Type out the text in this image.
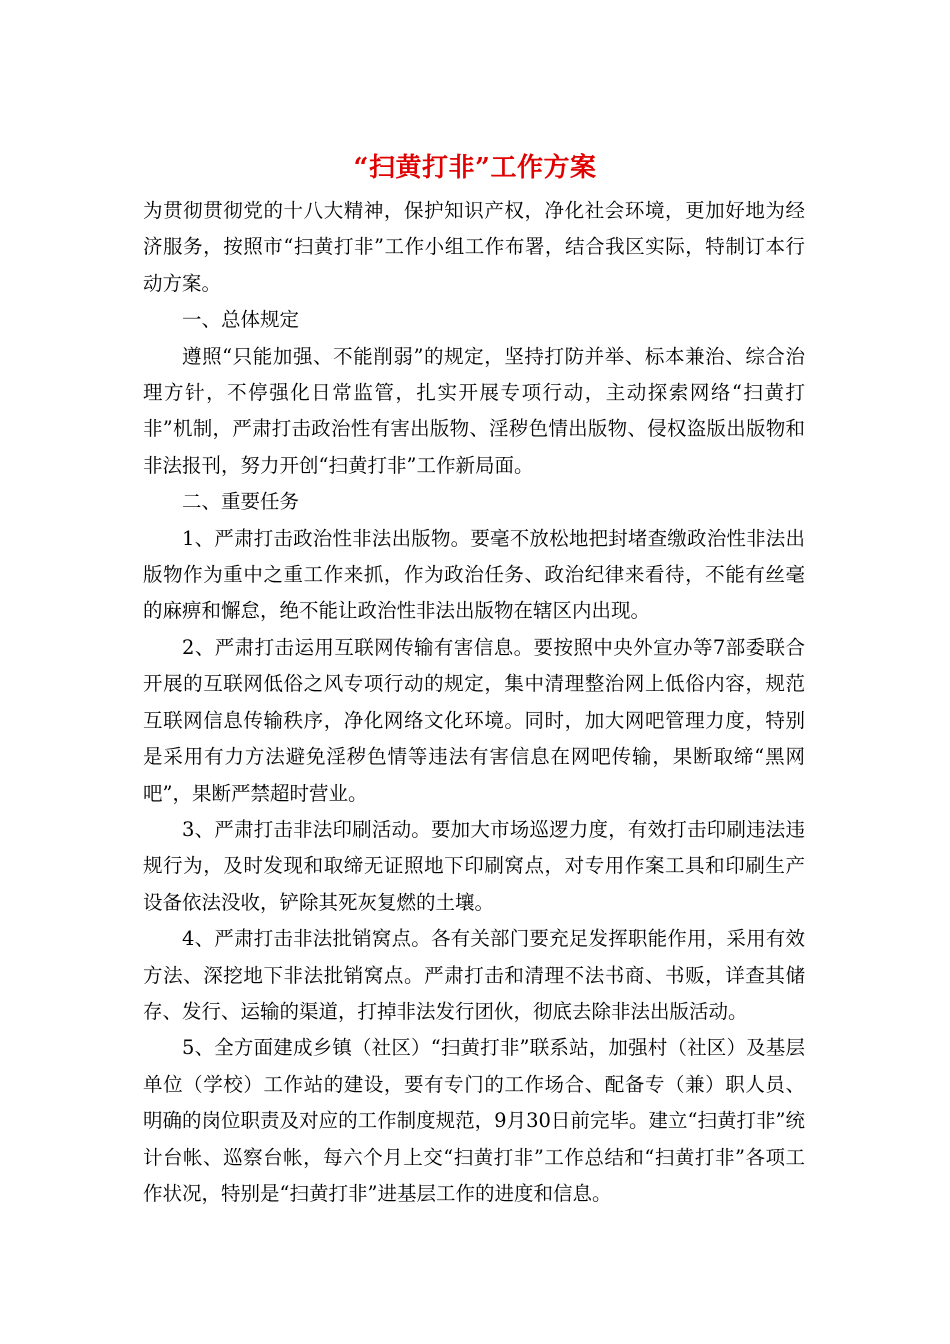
“扫黄打非”工作方案

为贯彻贯彻党的十八大精神，保护知识产权，净化社会环境，更加好地为经济服务，按照市“扫黄打非”工作小组工作布署，结合我区实际，特制订本行动方案。

一、总体规定

遵照“只能加强、不能削弱”的规定，坚持打防并举、标本兼治、综合治理方针，不停强化日常监管，扎实开展专项行动，主动探索网络“扫黄打非”机制，严肃打击政治性有害出版物、淫秽色情出版物、侵权盗版出版物和非法报刊，努力开创“扫黄打非”工作新局面。

二、重要任务

1、严肃打击政治性非法出版物。要毫不放松地把封堵查缴政治性非法出版物作为重中之重工作来抓，作为政治任务、政治纪律来看待，不能有丝毫的麻痹和懈怠，绝不能让政治性非法出版物在辖区内出现。

2、严肃打击运用互联网传输有害信息。要按照中央外宣办等7部委联合开展的互联网低俗之风专项行动的规定，集中清理整治网上低俗内容，规范互联网信息传输秩序，净化网络文化环境。同时，加大网吧管理力度，特别是采用有力方法避免淫秽色情等违法有害信息在网吧传输，果断取缔“黑网吧”，果断严禁超时营业。

3、严肃打击非法印刷活动。要加大市场巡逻力度，有效打击印刷违法违规行为，及时发现和取缔无证照地下印刷窝点，对专用作案工具和印刷生产设备依法没收，铲除其死灰复燃的土壤。

4、严肃打击非法批销窝点。各有关部门要充足发挥职能作用，采用有效方法、深挖地下非法批销窝点。严肃打击和清理不法书商、书贩，详查其储存、发行、运输的渠道，打掉非法发行团伙，彻底去除非法出版活动。

5、全方面建成乡镇（社区）“扫黄打非”联系站，加强村（社区）及基层单位（学校）工作站的建设，要有专门的工作场合、配备专（兼）职人员、明确的岗位职责及对应的工作制度规范，9月30日前完毕。建立“扫黄打非”统计台帐、巡察台帐，每六个月上交“扫黄打非”工作总结和“扫黄打非”各项工作状况，特别是“扫黄打非”进基层工作的进度和信息。
